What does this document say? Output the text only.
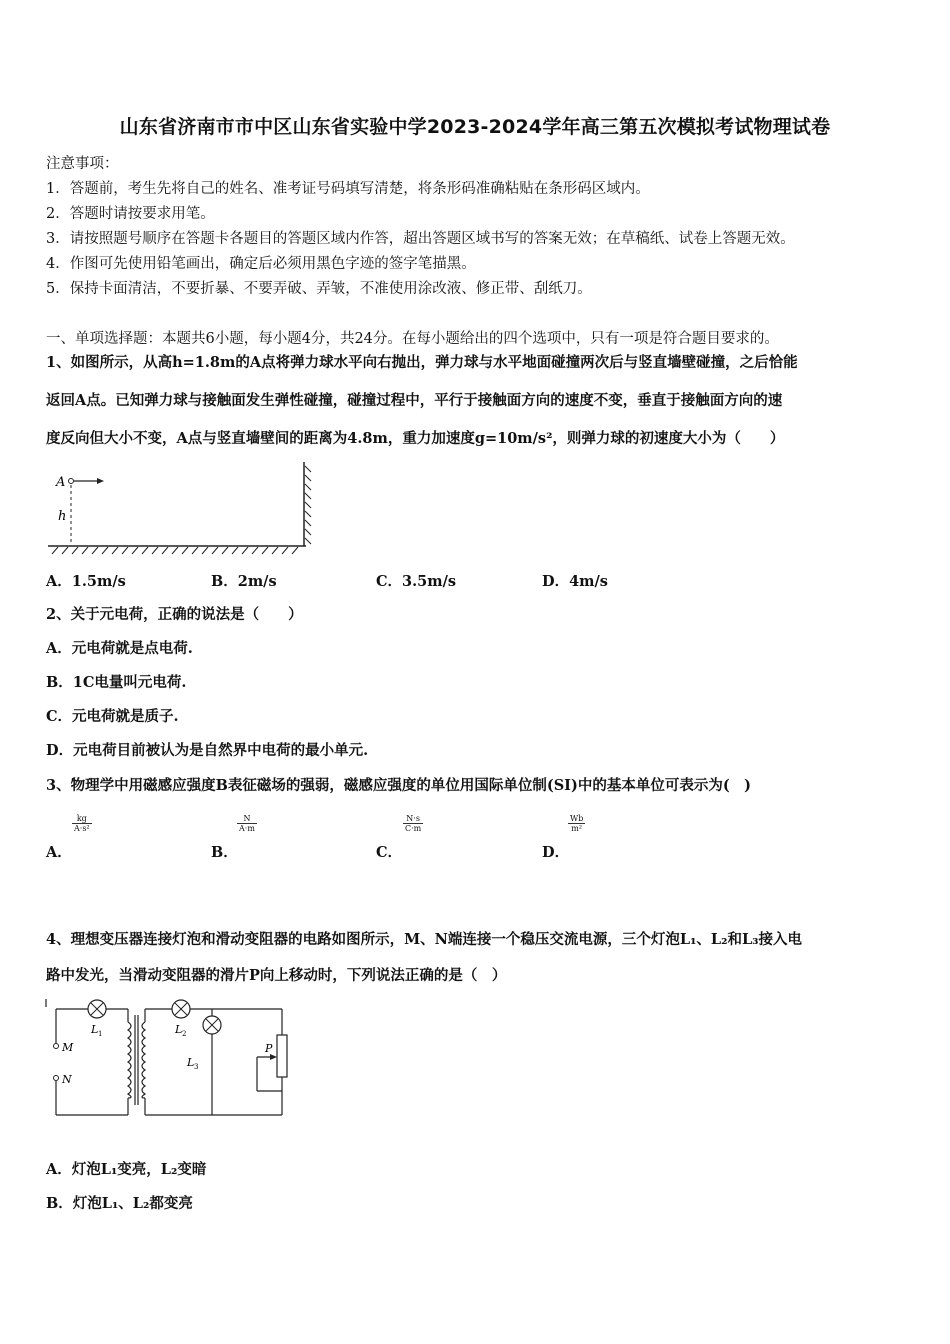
山东省济南市市中区山东省实验中学2023-2024学年高三第五次模拟考试物理试卷
注意事项：
1．答题前，考生先将自己的姓名、准考证号码填写清楚，将条形码准确粘贴在条形码区域内。
2．答题时请按要求用笔。
3．请按照题号顺序在答题卡各题目的答题区域内作答，超出答题区域书写的答案无效；在草稿纸、试卷上答题无效。
4．作图可先使用铅笔画出，确定后必须用黑色字迹的签字笔描黑。
5．保持卡面清洁，不要折暴、不要弄破、弄皱，不准使用涂改液、修正带、刮纸刀。
一、单项选择题：本题共6小题，每小题4分，共24分。在每小题给出的四个选项中，只有一项是符合题目要求的。
1、如图所示，从高h=1.8m的A点将弹力球水平向右抛出，弹力球与水平地面碰撞两次后与竖直墙壁碰撞，之后恰能
返回A点。已知弹力球与接触面发生弹性碰撞，碰撞过程中，平行于接触面方向的速度不变，垂直于接触面方向的速
度反向但大小不变，A点与竖直墙壁间的距离为4.8m，重力加速度g=10m/s²，则弹力球的初速度大小为（　　）
A
h
A．1.5m/s	B．2m/s	C．3.5m/s	D．4m/s
2、关于元电荷，正确的说法是（　　）
A．元电荷就是点电荷.
B．1C电量叫元电荷.
C．元电荷就是质子.
D．元电荷目前被认为是自然界中电荷的最小单元.
3、物理学中用磁感应强度B表征磁场的强弱，磁感应强度的单位用国际单位制(SI)中的基本单位可表示为(　)
A．
$\frac{kg}{\text{A·s²}}$
B．
$\frac{N}{A\cdot m}$
C．
$\frac{N\cdot s}{C\cdot m}$
D．
$\frac{Wb}{\text{m²}}$
4、理想变压器连接灯泡和滑动变阻器的电路如图所示，M、N端连接一个稳压交流电源，三个灯泡L₁、L₂和L₃接入电
路中发光，当滑动变阻器的滑片P向上移动时，下列说法正确的是（　）
L 1	L 2
L 3
M
N
P
A．灯泡L₁变亮，L₂变暗
B．灯泡L₁、L₂都变亮
